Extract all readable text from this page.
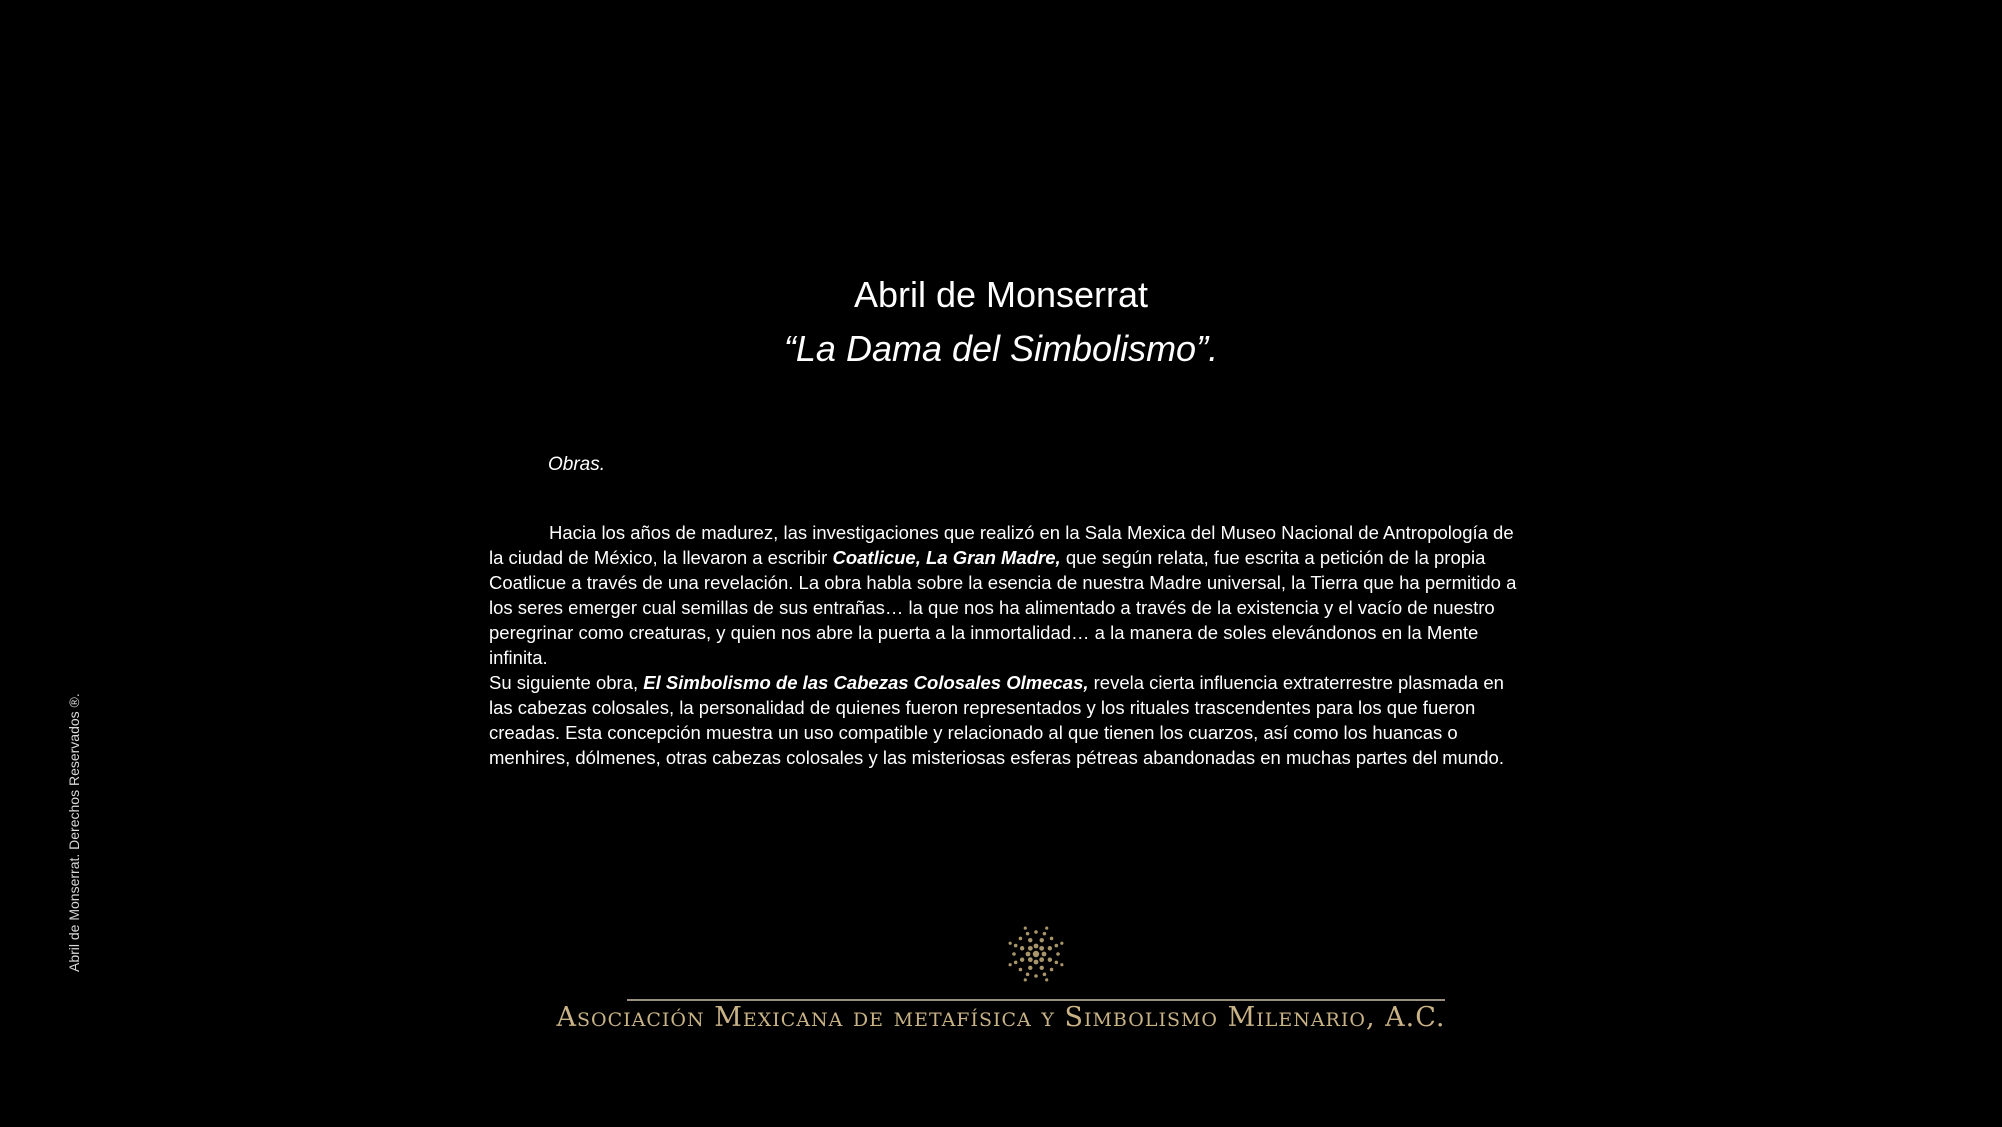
Abril de Monserrat
“La Dama del Simbolismo”.
Obras.

Hacia los años de madurez, las investigaciones que realizó en la Sala Mexica del Museo Nacional de Antropología de la ciudad de México, la llevaron a escribir Coatlicue, La Gran Madre, que según relata, fue escrita a petición de la propia Coatlicue a través de una revelación. La obra habla sobre la esencia de nuestra Madre universal, la Tierra que ha permitido a los seres emerger cual semillas de sus entrañas… la que nos ha alimentado a través de la existencia y el vacío de nuestro peregrinar como creaturas, y quien nos abre la puerta a la inmortalidad… a la manera de soles elevándonos en la Mente infinita.

Su siguiente obra, El Simbolismo de las Cabezas Colosales Olmecas, revela cierta influencia extraterrestre plasmada en las cabezas colosales, la personalidad de quienes fueron representados y los rituales trascendentes para los que fueron creadas. Esta concepción muestra un uso compatible y relacionado al que tienen los cuarzos, así como los huancas o menhires, dólmenes, otras cabezas colosales y las misteriosas esferas pétreas abandonadas en muchas partes del mundo.

Abril de Monserrat. Derechos Reservados ®.
Asociación Mexicana de metafísica y Simbolismo Milenario, A.C.
